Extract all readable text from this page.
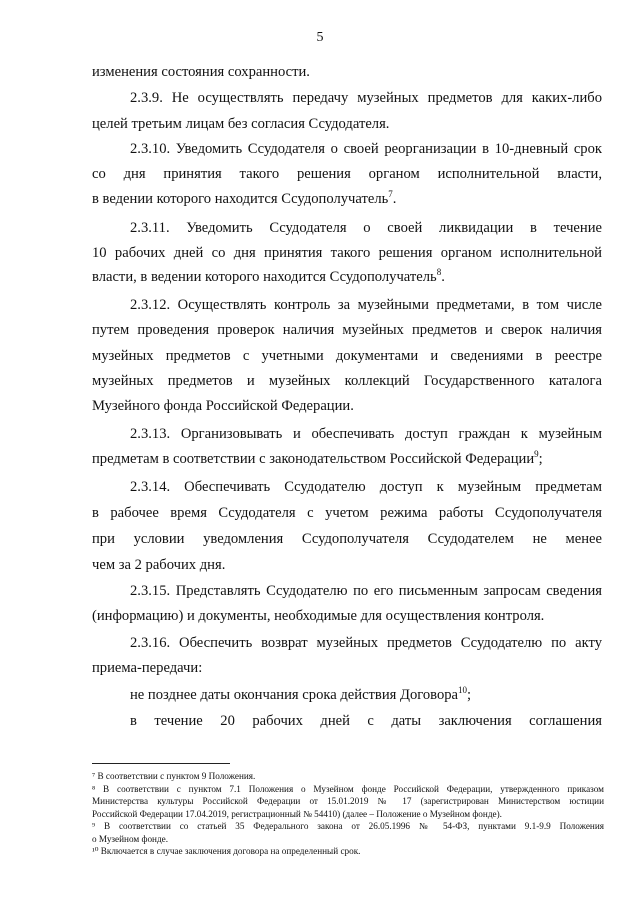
5
изменения состояния сохранности.
2.3.9. Не осуществлять передачу музейных предметов для каких-либо
целей третьим лицам без согласия Ссудодателя.
2.3.10. Уведомить Ссудодателя о своей реорганизации в 10-дневный срок
со дня принятия такого решения органом исполнительной власти,
в ведении которого находится Ссудополучатель$^7$.
2.3.11. Уведомить Ссудодателя о своей ликвидации в течение
10 рабочих дней со дня принятия такого решения органом исполнительной
власти, в ведении которого находится Ссудополучатель$^8$.
2.3.12. Осуществлять контроль за музейными предметами, в том числе
путем проведения проверок наличия музейных предметов и сверок наличия
музейных предметов с учетными документами и сведениями в реестре
музейных предметов и музейных коллекций Государственного каталога
Музейного фонда Российской Федерации.
2.3.13. Организовывать и обеспечивать доступ граждан к музейным
предметам в соответствии с законодательством Российской Федерации$^9$;
2.3.14. Обеспечивать Ссудодателю доступ к музейным предметам
в рабочее время Ссудодателя с учетом режима работы Ссудополучателя
при условии уведомления Ссудополучателя Ссудодателем не менее
чем за 2 рабочих дня.
2.3.15. Представлять Ссудодателю по его письменным запросам сведения
(информацию) и документы, необходимые для осуществления контроля.
2.3.16. Обеспечить возврат музейных предметов Ссудодателю по акту
приема-передачи:
не позднее даты окончания срока действия Договора$^{10}$;
в течение 20 рабочих дней с даты заключения соглашения
⁷ В соответствии с пунктом 9 Положения.
⁸ В соответствии с пунктом 7.1 Положения о Музейном фонде Российской Федерации, утвержденного приказом
Министерства культуры Российской Федерации от 15.01.2019 № 17 (зарегистрирован Министерством юстиции
Российской Федерации 17.04.2019, регистрационный № 54410) (далее – Положение о Музейном фонде).
⁹ В соответствии со статьей 35 Федерального закона от 26.05.1996 № 54-ФЗ, пунктами 9.1-9.9 Положения
о Музейном фонде.
¹⁰ Включается в случае заключения договора на определенный срок.
